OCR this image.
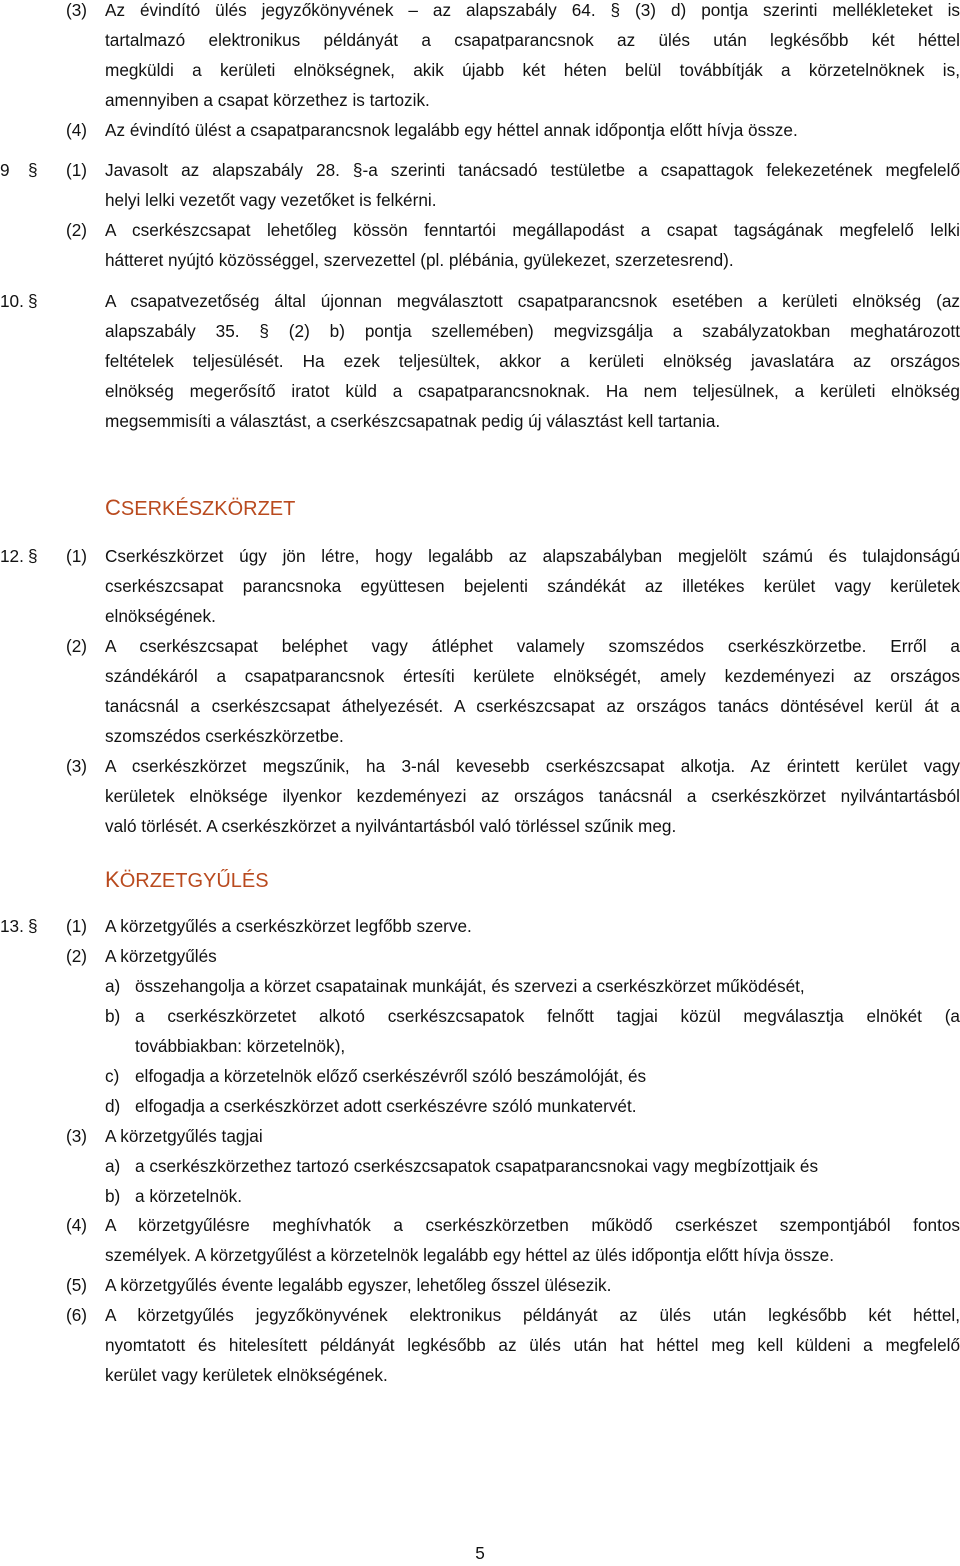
(3) Az évindító ülés jegyzőkönyvének – az alapszabály 64. § (3) d) pontja szerinti mellékleteket is
tartalmazó elektronikus példányát a csapatparancsnok az ülés után legkésőbb két héttel
megküldi a kerületi elnökségnek, akik újabb két héten belül továbbítják a körzetelnöknek is,
amennyiben a csapat körzethez is tartozik.
(4) Az évindító ülést a csapatparancsnok legalább egy héttel annak időpontja előtt hívja össze.
9 § (1) Javasolt az alapszabály 28. §-a szerinti tanácsadó testületbe a csapattagok felekezetének megfelelő
helyi lelki vezetőt vagy vezetőket is felkérni.
(2) A cserkészcsapat lehetőleg kössön fenntartói megállapodást a csapat tagságának megfelelő lelki
hátteret nyújtó közösséggel, szervezettel (pl. plébánia, gyülekezet, szerzetesrend).
10. §	A csapatvezetőség által újonnan megválasztott csapatparancsnok esetében a kerületi elnökség (az
alapszabály 35. § (2) b) pontja szellemében) megvizsgálja a szabályzatokban meghatározott
feltételek teljesülését. Ha ezek teljesültek, akkor a kerületi elnökség javaslatára az országos
elnökség megerősítő iratot küld a csapatparancsnoknak. Ha nem teljesülnek, a kerületi elnökség
megsemmisíti a választást, a cserkészcsapatnak pedig új választást kell tartania.
CSERKÉSZKÖRZET
12. § (1) Cserkészkörzet úgy jön létre, hogy legalább az alapszabályban megjelölt számú és tulajdonságú
cserkészcsapat parancsnoka együttesen bejelenti szándékát az illetékes kerület vagy kerületek
elnökségének.
(2) A cserkészcsapat beléphet vagy átléphet valamely szomszédos cserkészkörzetbe. Erről a
szándékáról a csapatparancsnok értesíti kerülete elnökségét, amely kezdeményezi az országos
tanácsnál a cserkészcsapat áthelyezését. A cserkészcsapat az országos tanács döntésével kerül át a
szomszédos cserkészkörzetbe.
(3) A cserkészkörzet megszűnik, ha 3-nál kevesebb cserkészcsapat alkotja. Az érintett kerület vagy
kerületek elnöksége ilyenkor kezdeményezi az országos tanácsnál a cserkészkörzet nyilvántartásból
való törlését. A cserkészkörzet a nyilvántartásból való törléssel szűnik meg.
KÖRZETGYŰLÉS
13. § (1) A körzetgyűlés a cserkészkörzet legfőbb szerve.
(2) A körzetgyűlés
a) összehangolja a körzet csapatainak munkáját, és szervezi a cserkészkörzet működését,
b) a cserkészkörzetet alkotó cserkészcsapatok felnőtt tagjai közül megválasztja elnökét (a
továbbiakban: körzetelnök),
c) elfogadja a körzetelnök előző cserkészévről szóló beszámolóját, és
d) elfogadja a cserkészkörzet adott cserkészévre szóló munkatervét.
(3) A körzetgyűlés tagjai
a) a cserkészkörzethez tartozó cserkészcsapatok csapatparancsnokai vagy megbízottjaik és
b) a körzetelnök.
(4) A körzetgyűlésre meghívhatók a cserkészkörzetben működő cserkészet szempontjából fontos
személyek. A körzetgyűlést a körzetelnök legalább egy héttel az ülés időpontja előtt hívja össze.
(5) A körzetgyűlés évente legalább egyszer, lehetőleg ősszel ülésezik.
(6) A körzetgyűlés jegyzőkönyvének elektronikus példányát az ülés után legkésőbb két héttel,
nyomtatott és hitelesített példányát legkésőbb az ülés után hat héttel meg kell küldeni a megfelelő
kerület vagy kerületek elnökségének.
5
